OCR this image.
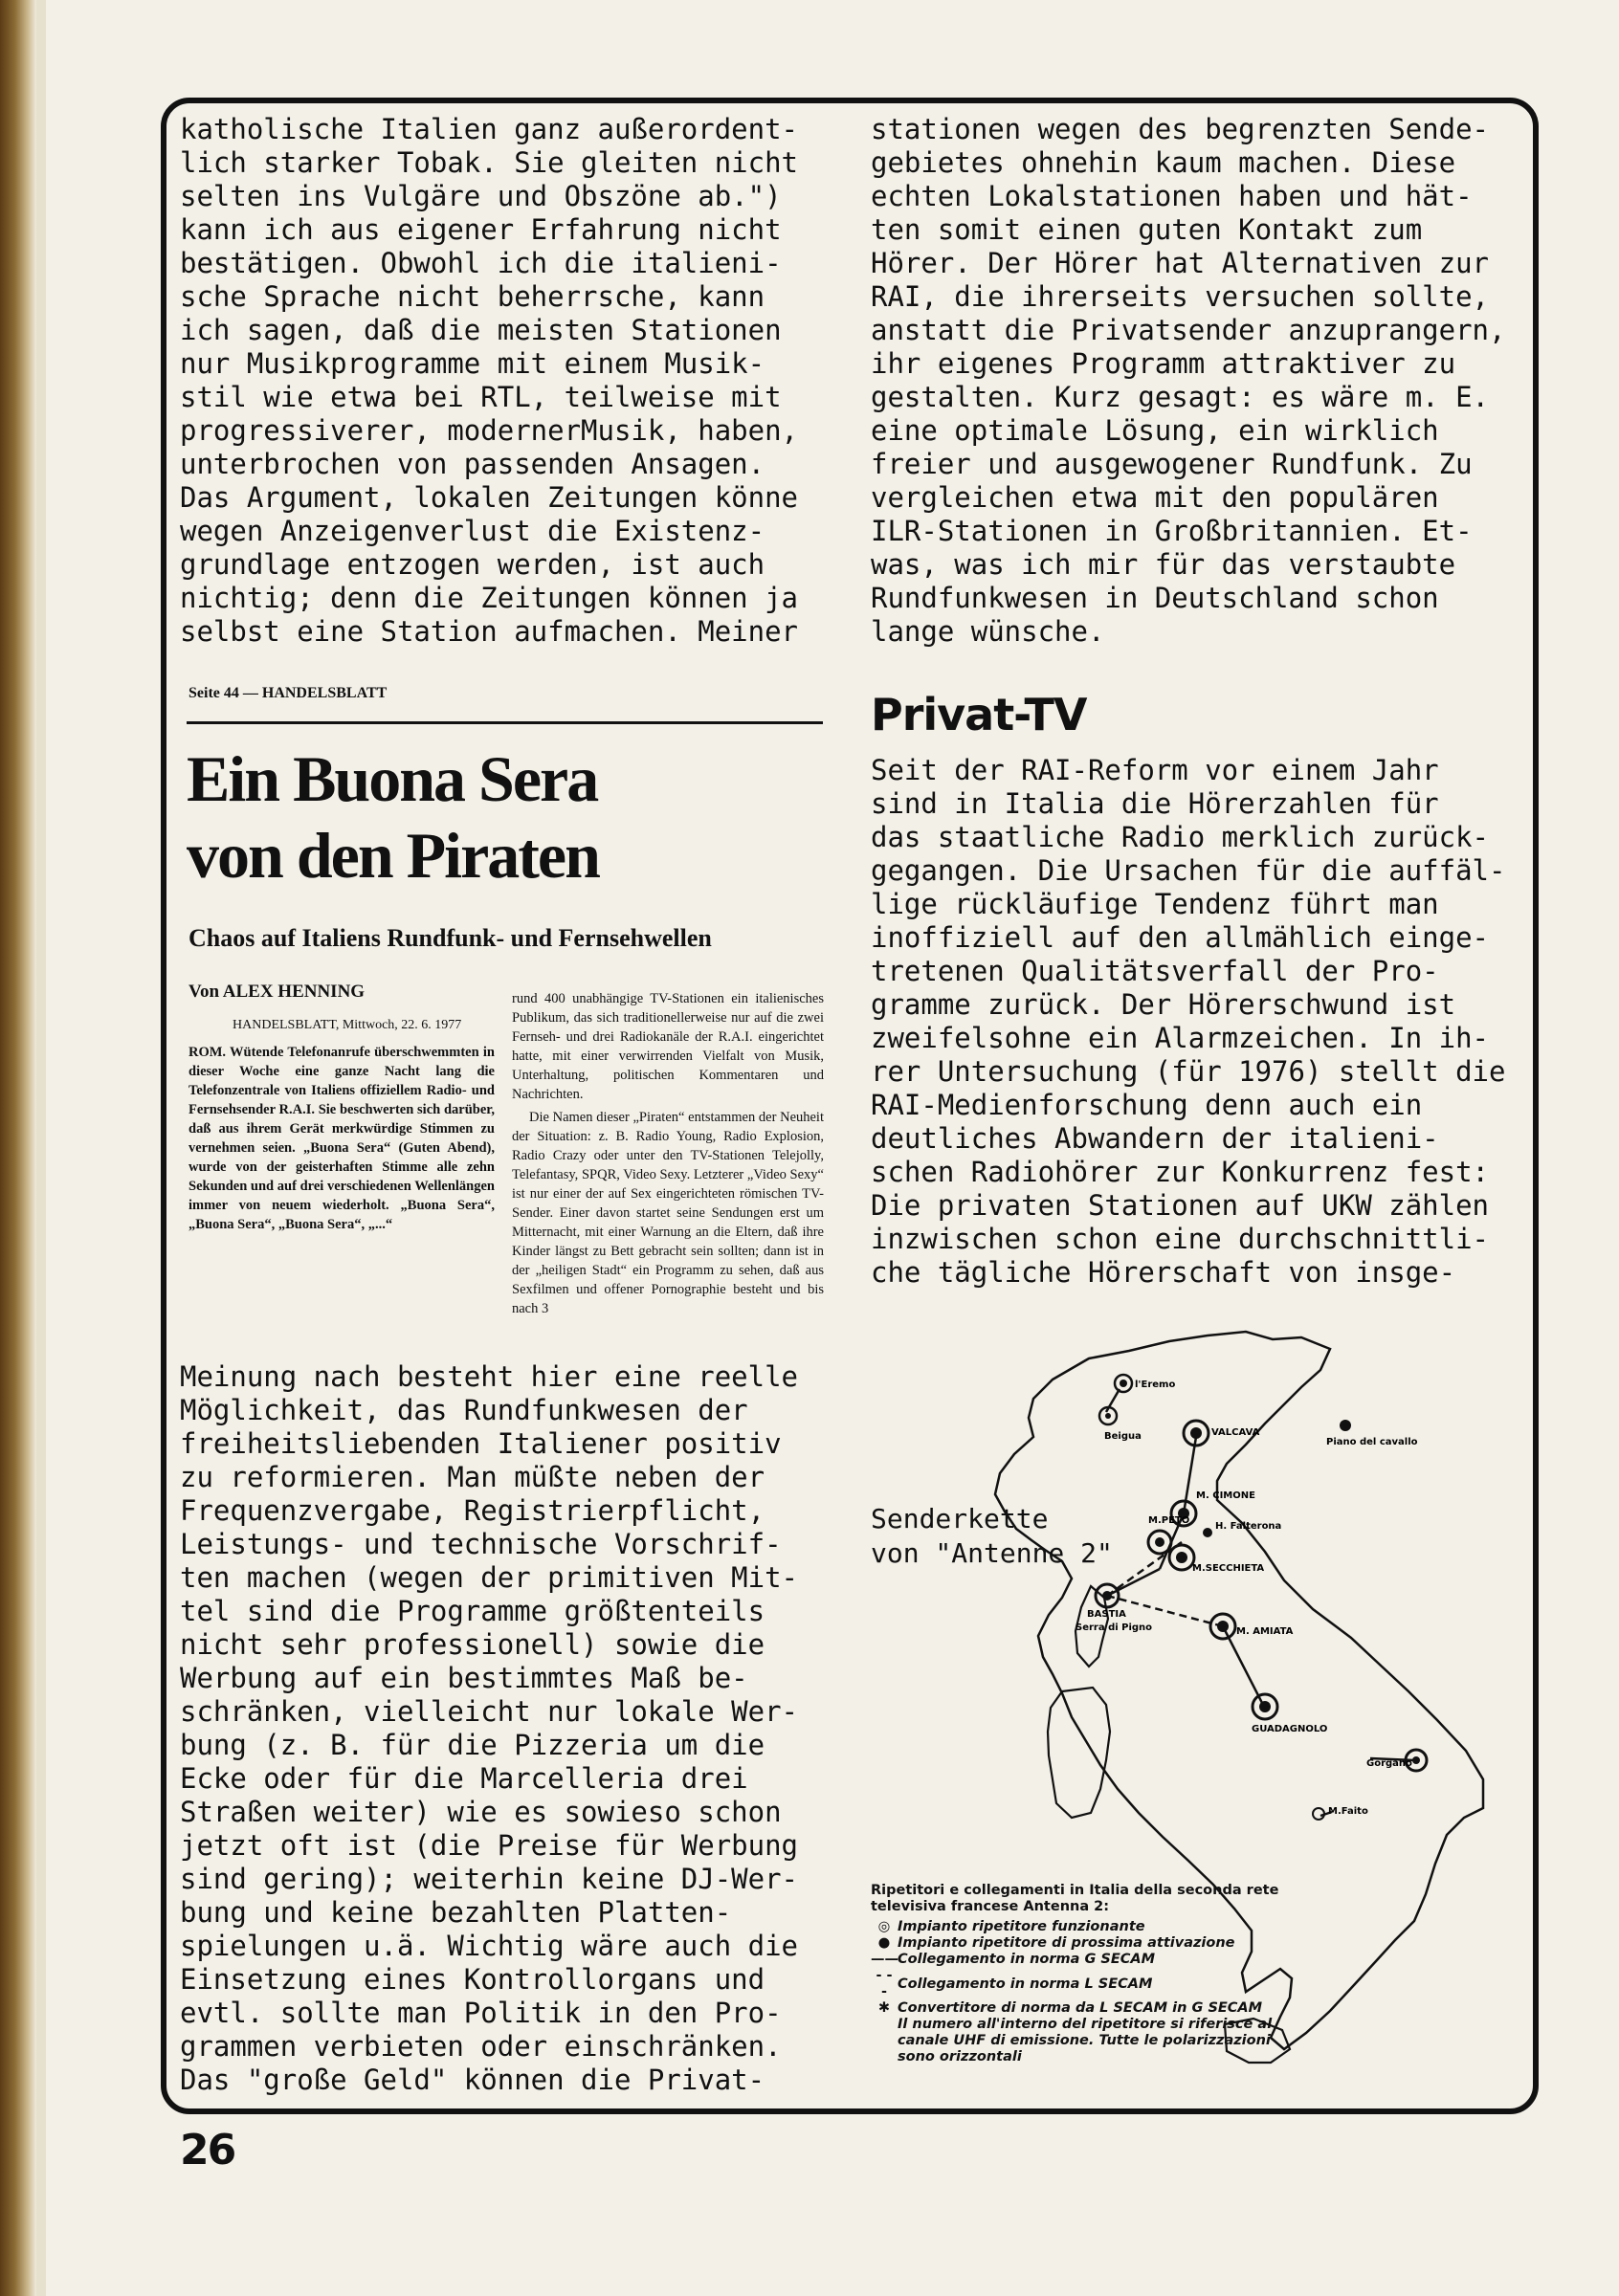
katholische Italien ganz außerordent-
lich starker Tobak. Sie gleiten nicht
selten ins Vulgäre und Obszöne ab.")
kann ich aus eigener Erfahrung nicht
bestätigen. Obwohl ich die italieni-
sche Sprache nicht beherrsche, kann
ich sagen, daß die meisten Stationen
nur Musikprogramme mit einem Musik-
stil wie etwa bei RTL, teilweise mit
progressiverer, modernerMusik, haben,
unterbrochen von passenden Ansagen.
Das Argument, lokalen Zeitungen könne
wegen Anzeigenverlust die Existenz-
grundlage entzogen werden, ist auch
nichtig; denn die Zeitungen können ja
selbst eine Station aufmachen. Meiner

Seite 44 — HANDELSBLATT
Ein Buona Sera
von den Piraten
Chaos auf Italiens Rundfunk- und Fernsehwellen
Von ALEX HENNING
HANDELSBLATT, Mittwoch, 22. 6. 1977
ROM. Wütende Telefonanrufe überschwemmten in dieser Woche eine ganze Nacht lang die Telefonzentrale von Italiens offiziellem Radio- und Fernsehsender R.A.I. Sie beschwerten sich darüber, daß aus ihrem Gerät merkwürdige Stimmen zu vernehmen seien. „Buona Sera“ (Guten Abend), wurde von der geisterhaften Stimme alle zehn Sekunden und auf drei verschiedenen Wellenlängen immer von neuem wiederholt. „Buona Sera“, „Buona Sera“, „Buona Sera“, „...“

rund 400 unabhängige TV-Stationen ein italienisches Publikum, das sich traditionellerweise nur auf die zwei Fernseh- und drei Radiokanäle der R.A.I. eingerichtet hatte, mit einer verwirrenden Vielfalt von Musik, Unterhaltung, politischen Kommentaren und Nachrichten.

Die Namen dieser „Piraten“ entstammen der Neuheit der Situation: z. B. Radio Young, Radio Explosion, Radio Crazy oder unter den TV-Stationen Telejolly, Telefantasy, SPQR, Video Sexy. Letzterer „Video Sexy“ ist nur einer der auf Sex eingerichteten römischen TV-Sender. Einer davon startet seine Sendungen erst um Mitternacht, mit einer Warnung an die Eltern, daß ihre Kinder längst zu Bett gebracht sein sollten; dann ist in der „heiligen Stadt“ ein Programm zu sehen, daß aus Sexfilmen und offener Pornographie besteht und bis nach 3

Meinung nach besteht hier eine reelle
Möglichkeit, das Rundfunkwesen der
freiheitsliebenden Italiener positiv
zu reformieren. Man müßte neben der
Frequenzvergabe, Registrierpflicht,
Leistungs- und technische Vorschrif-
ten machen (wegen der primitiven Mit-
tel sind die Programme größtenteils
nicht sehr professionell) sowie die
Werbung auf ein bestimmtes Maß be-
schränken, vielleicht nur lokale Wer-
bung (z. B. für die Pizzeria um die
Ecke oder für die Marcelleria drei
Straßen weiter) wie es sowieso schon
jetzt oft ist (die Preise für Werbung
sind gering); weiterhin keine DJ-Wer-
bung und keine bezahlten Platten-
spielungen u.ä. Wichtig wäre auch die
Einsetzung eines Kontrollorgans und
evtl. sollte man Politik in den Pro-
grammen verbieten oder einschränken.
Das "große Geld" können die Privat-

stationen wegen des begrenzten Sende-
gebietes ohnehin kaum machen. Diese
echten Lokalstationen haben und hät-
ten somit einen guten Kontakt zum
Hörer. Der Hörer hat Alternativen zur
RAI, die ihrerseits versuchen sollte,
anstatt die Privatsender anzuprangern,
ihr eigenes Programm attraktiver zu
gestalten. Kurz gesagt: es wäre m. E.
eine optimale Lösung, ein wirklich
freier und ausgewogener Rundfunk. Zu
vergleichen etwa mit den populären
ILR-Stationen in Großbritannien. Et-
was, was ich mir für das verstaubte
Rundfunkwesen in Deutschland schon
lange wünsche.

Privat-TV

Seit der RAI-Reform vor einem Jahr
sind in Italia die Hörerzahlen für
das staatliche Radio merklich zurück-
gegangen. Die Ursachen für die auffäl-
lige rückläufige Tendenz führt man
inoffiziell auf den allmählich einge-
tretenen Qualitätsverfall der Pro-
gramme zurück. Der Hörerschwund ist
zweifelsohne ein Alarmzeichen. In ih-
rer Untersuchung (für 1976) stellt die
RAI-Medienforschung denn auch ein
deutliches Abwandern der italieni-
schen Radiohörer zur Konkurrenz fest:
Die privaten Stationen auf UKW zählen
inzwischen schon eine durchschnittli-
che tägliche Hörerschaft von insge-

l'Eremo
VALCAVA
Piano del cavallo
Beigua
M. CIMONE
H. Falterona
M.PETO
M.SECCHIETA
BASTIA
Serra di Pigno	M. AMIATA
GUADAGNOLO
Gorgano
M.Faito
Senderkette
von "Antenne 2"
Ripetitori e collegamenti in Italia della seconda rete televisiva francese Antenna 2:
◎ Impianto ripetitore funzionante
● Impianto ripetitore di prossima attivazione
—— Collegamento in norma G SECAM
- - -
Collegamento in norma L SECAM
✱ Convertitore di norma da L SECAM in G SECAM
Il numero all'interno del ripetitore si riferisce al canale UHF di emissione. Tutte le polarizzazioni sono orizzontali
26
